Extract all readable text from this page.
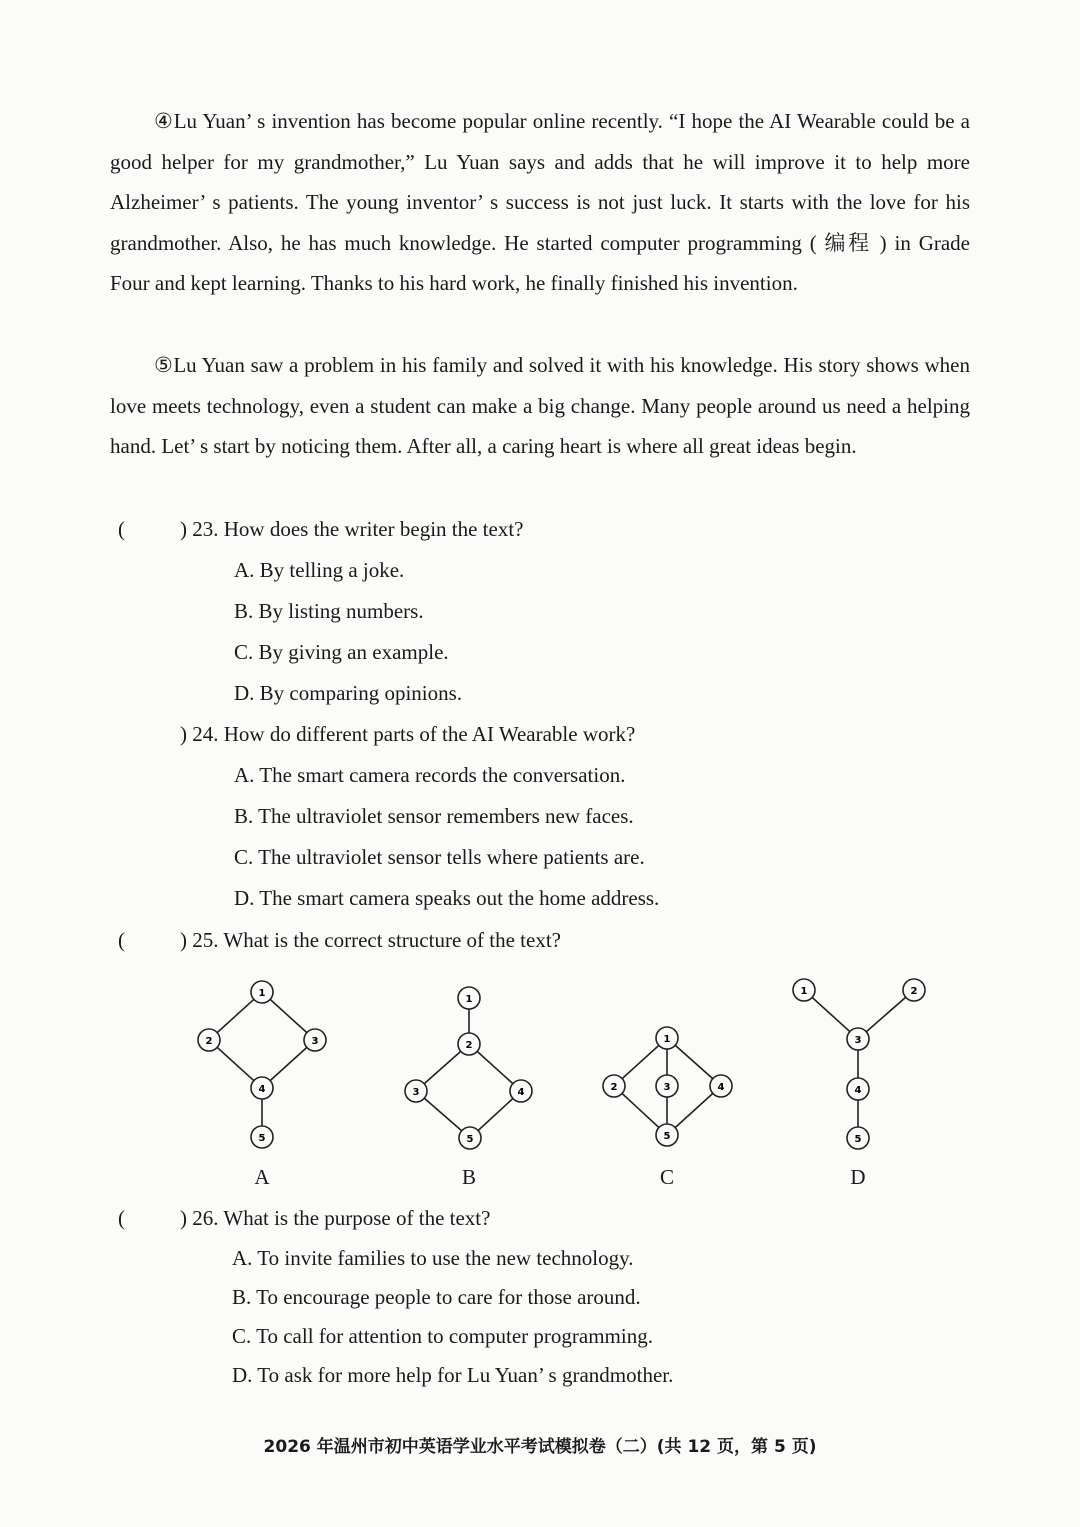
④Lu Yuan’ s invention has become popular online recently. “I hope the AI Wearable could be a good helper for my grandmother,” Lu Yuan says and adds that he will improve it to help more Alzheimer’ s patients. The young inventor’ s success is not just luck. It starts with the love for his grandmother. Also, he has much knowledge. He started computer programming ( 编程 ) in Grade Four and kept learning. Thanks to his hard work, he finally finished his invention.

⑤Lu Yuan saw a problem in his family and solved it with his knowledge. His story shows when love meets technology, even a student can make a big change. Many people around us need a helping hand. Let’ s start by noticing them. After all, a caring heart is where all great ideas begin.

(	) 23. How does the writer begin the text?
A. By telling a joke.
B. By listing numbers.
C. By giving an example.
D. By comparing opinions.
) 24. How do different parts of the AI Wearable work?
A. The smart camera records the conversation.
B. The ultraviolet sensor remembers new faces.
C. The ultraviolet sensor tells where patients are.
D. The smart camera speaks out the home address.
(	) 25. What is the correct structure of the text?
1
2	3
4
5
A
1
2
3	4
5
B
1
2	3	4
5
C
1	2
3
4
5
D
(	) 26. What is the purpose of the text?
A. To invite families to use the new technology.
B. To encourage people to care for those around.
C. To call for attention to computer programming.
D. To ask for more help for Lu Yuan’ s grandmother.
2026 年温州市初中英语学业水平考试模拟卷（二）(共 12 页，第 5 页)
